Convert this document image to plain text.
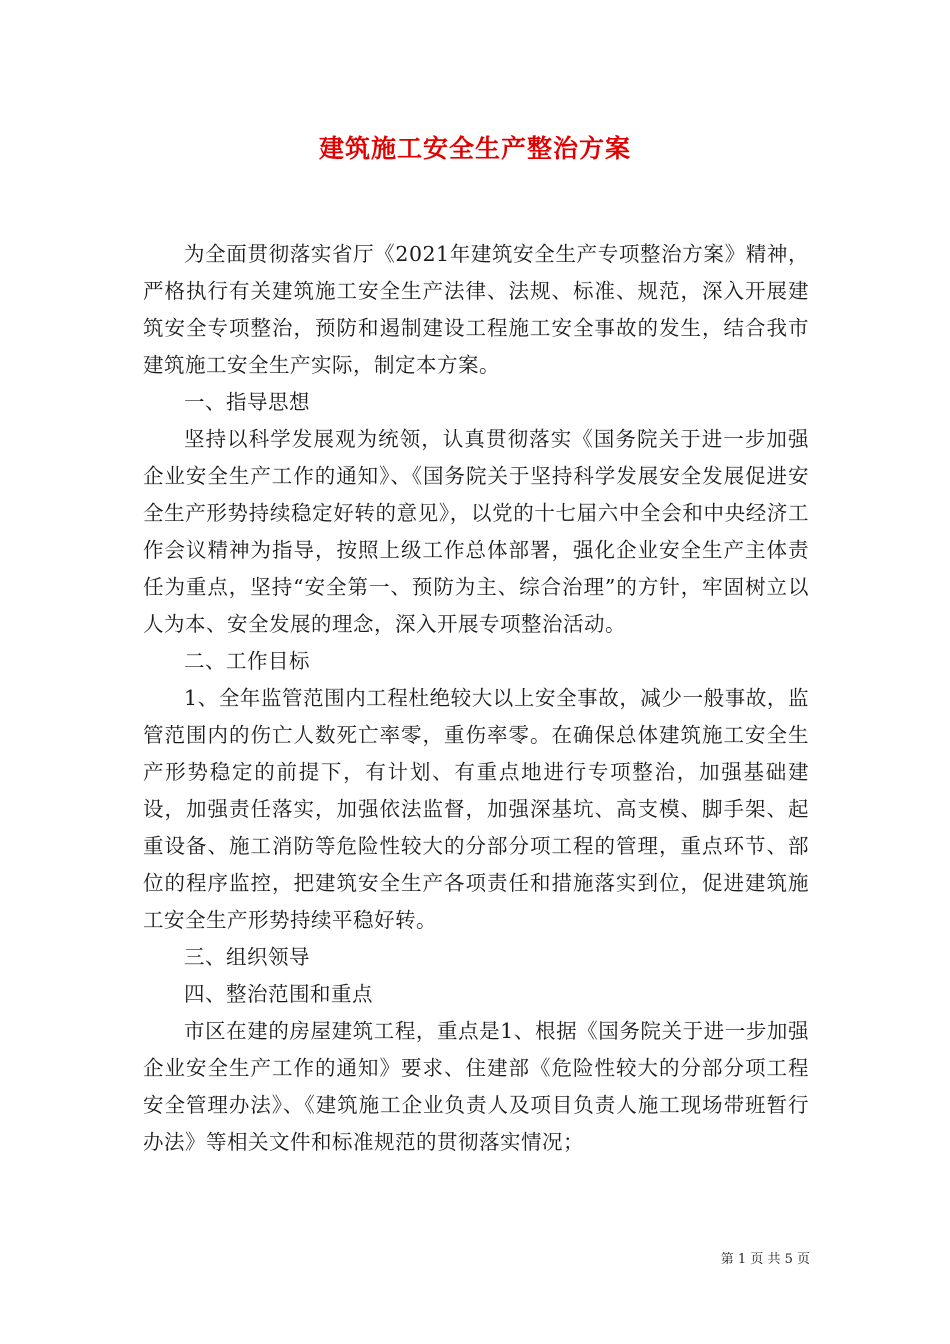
建筑施工安全生产整治方案

为全面贯彻落实省厅《2021年建筑安全生产专项整治方案》精神，严格执行有关建筑施工安全生产法律、法规、标准、规范，深入开展建筑安全专项整治，预防和遏制建设工程施工安全事故的发生，结合我市建筑施工安全生产实际，制定本方案。

一、指导思想

坚持以科学发展观为统领，认真贯彻落实《国务院关于进一步加强企业安全生产工作的通知》、《国务院关于坚持科学发展安全发展促进安全生产形势持续稳定好转的意见》，以党的十七届六中全会和中央经济工作会议精神为指导，按照上级工作总体部署，强化企业安全生产主体责任为重点，坚持“安全第一、预防为主、综合治理”的方针，牢固树立以人为本、安全发展的理念，深入开展专项整治活动。

二、工作目标

1、全年监管范围内工程杜绝较大以上安全事故，减少一般事故，监管范围内的伤亡人数死亡率零，重伤率零。在确保总体建筑施工安全生产形势稳定的前提下，有计划、有重点地进行专项整治，加强基础建设，加强责任落实，加强依法监督，加强深基坑、高支模、脚手架、起重设备、施工消防等危险性较大的分部分项工程的管理，重点环节、部位的程序监控，把建筑安全生产各项责任和措施落实到位，促进建筑施工安全生产形势持续平稳好转。

三、组织领导

四、整治范围和重点

市区在建的房屋建筑工程，重点是1、根据《国务院关于进一步加强企业安全生产工作的通知》要求、住建部《危险性较大的分部分项工程安全管理办法》、《建筑施工企业负责人及项目负责人施工现场带班暂行办法》等相关文件和标准规范的贯彻落实情况；

第 1 页 共 5 页
